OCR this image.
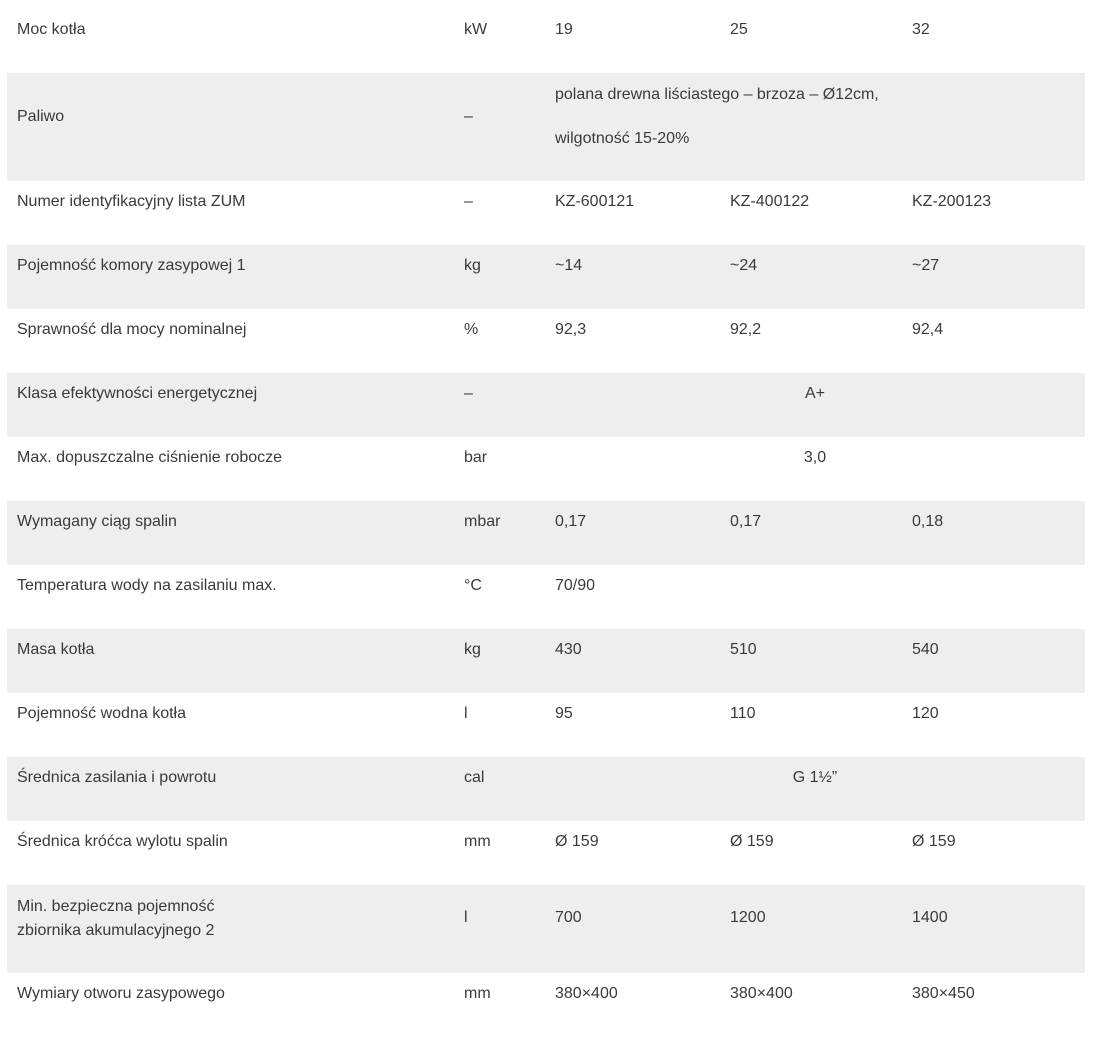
Moc kotła	kW	19	25	32
Paliwo	–
polana drewna liściastego – brzoza – Ø12cm,
wilgotność 15-20%
Numer identyfikacyjny lista ZUM	–	KZ-600121	KZ-400122	KZ-200123
Pojemność komory zasypowej 1	kg	~14	~24	~27
Sprawność dla mocy nominalnej	%	92,3	92,2	92,4
Klasa efektywności energetycznej	–	A+
Max. dopuszczalne ciśnienie robocze	bar	3,0
Wymagany ciąg spalin	mbar	0,17	0,17	0,18
Temperatura wody na zasilaniu max.	°C	70/90
Masa kotła	kg	430	510	540
Pojemność wodna kotła	l	95	110	120
Średnica zasilania i powrotu	cal	G 1½”
Średnica króćca wylotu spalin	mm	Ø 159	Ø 159	Ø 159
Min. bezpieczna pojemność
zbiornika akumulacyjnego 2
l	700	1200	1400
Wymiary otworu zasypowego	mm	380×400	380×400	380×450
